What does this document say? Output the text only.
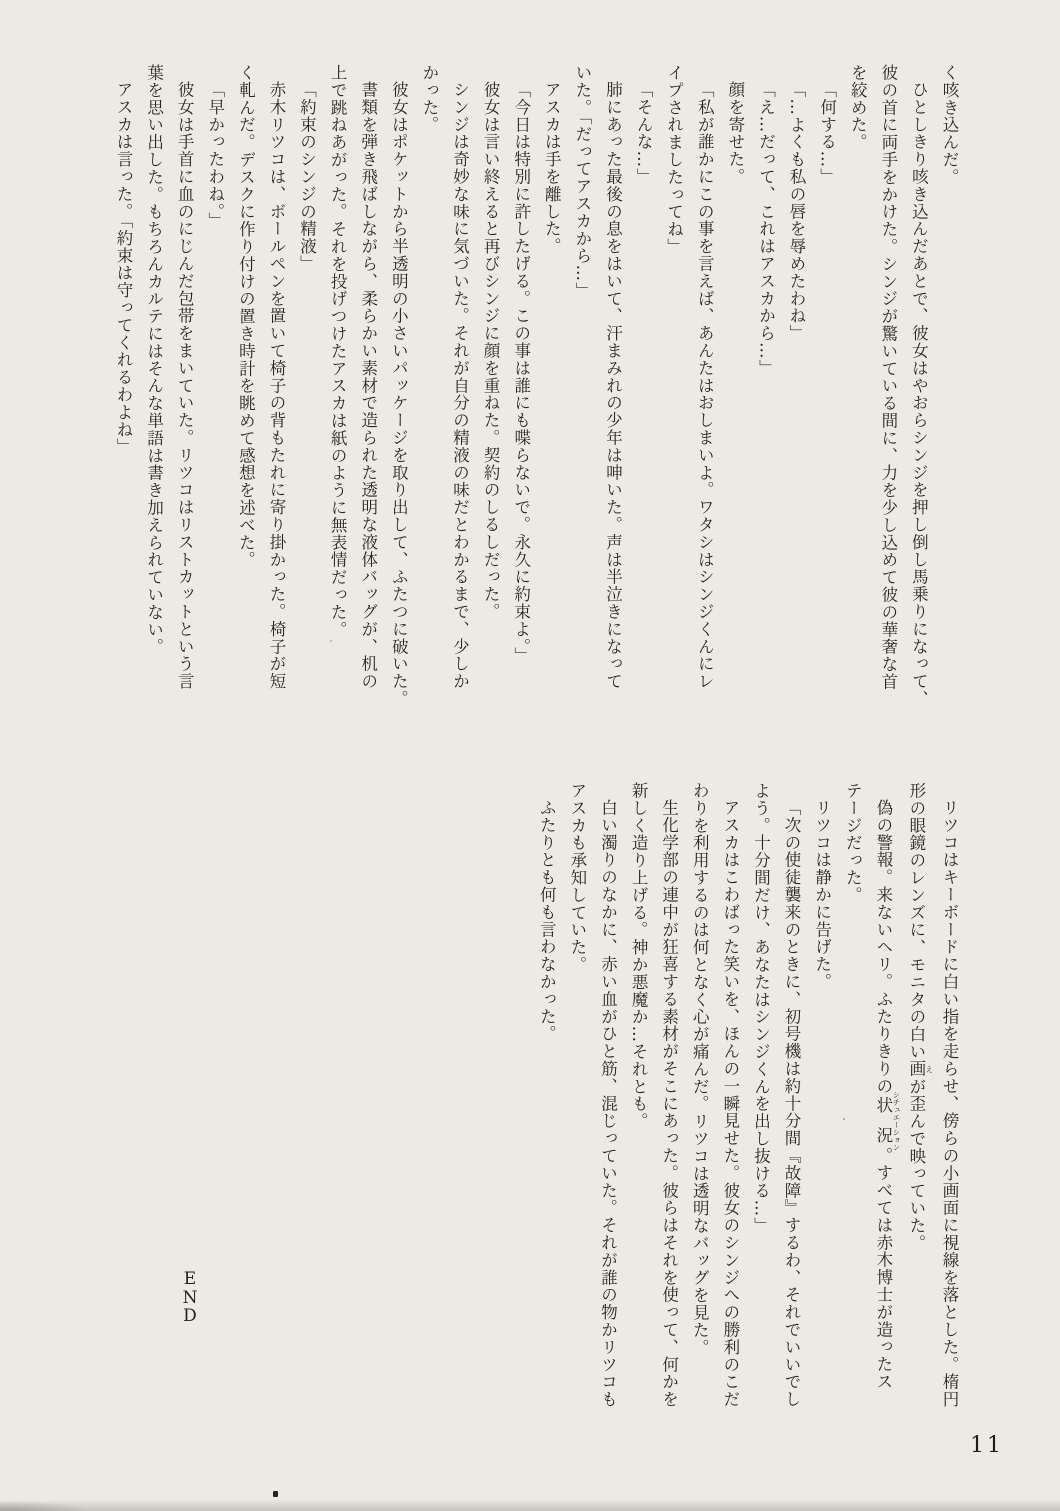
く咳き込んだ。

ひとしきり咳き込んだあとで、彼女はやおらシンジを押し倒し馬乗りになって、

彼の首に両手をかけた。シンジが驚いている間に、力を少し込めて彼の華奢な首

を絞めた。

「何する…」

「…よくも私の唇を辱めたわね」

「え…だって、これはアスカから…」

顔を寄せた。

「私が誰かにこの事を言えば、あんたはおしまいよ。ワタシはシンジくんにレ

イプされましたってね」

「そんな…」

肺にあった最後の息をはいて、汗まみれの少年は呻いた。声は半泣きになって

いた。「だってアスカから…」

アスカは手を離した。

「今日は特別に許したげる。この事は誰にも喋らないで。永久に約束よ。」

彼女は言い終えると再びシンジに顔を重ねた。契約のしるしだった。

シンジは奇妙な味に気づいた。それが自分の精液の味だとわかるまで、少しか

かった。

彼女はポケットから半透明の小さいパッケージを取り出して、ふたつに破いた。

書類を弾き飛ばしながら、柔らかい素材で造られた透明な液体バッグが、机の

上で跳ねあがった。それを投げつけたアスカは紙のように無表情だった。

「約束のシンジの精液」

赤木リツコは、ボールペンを置いて椅子の背もたれに寄り掛かった。椅子が短

く軋んだ。デスクに作り付けの置き時計を眺めて感想を述べた。

「早かったわね。」

彼女は手首に血のにじんだ包帯をまいていた。リツコはリストカットという言

葉を思い出した。もちろんカルテにはそんな単語は書き加えられていない。

アスカは言った。「約束は守ってくれるわよね」

リツコはキーボードに白い指を走らせ、傍らの小画面に視線を落とした。楕円

形の眼鏡のレンズに、モニタの白い画 えが歪んで映っていた。

偽の警報。来ないヘリ。ふたりきりの状況 シチュエーション。すべては赤木博士が造ったス

テージだった。

リツコは静かに告げた。

「次の使徒襲来のときに、初号機は約十分間『故障』するわ、それでいいでし

よう。十分間だけ、あなたはシンジくんを出し抜ける…」

アスカはこわばった笑いを、ほんの一瞬見せた。彼女のシンジへの勝利のこだ

わりを利用するのは何となく心が痛んだ。リツコは透明なバッグを見た。

生化学部の連中が狂喜する素材がそこにあった。彼らはそれを使って、何かを

新しく造り上げる。神か悪魔か…それとも。

白い濁りのなかに、赤い血がひと筋、混じっていた。それが誰の物かリツコも

アスカも承知していた。

ふたりとも何も言わなかった。

END
11
